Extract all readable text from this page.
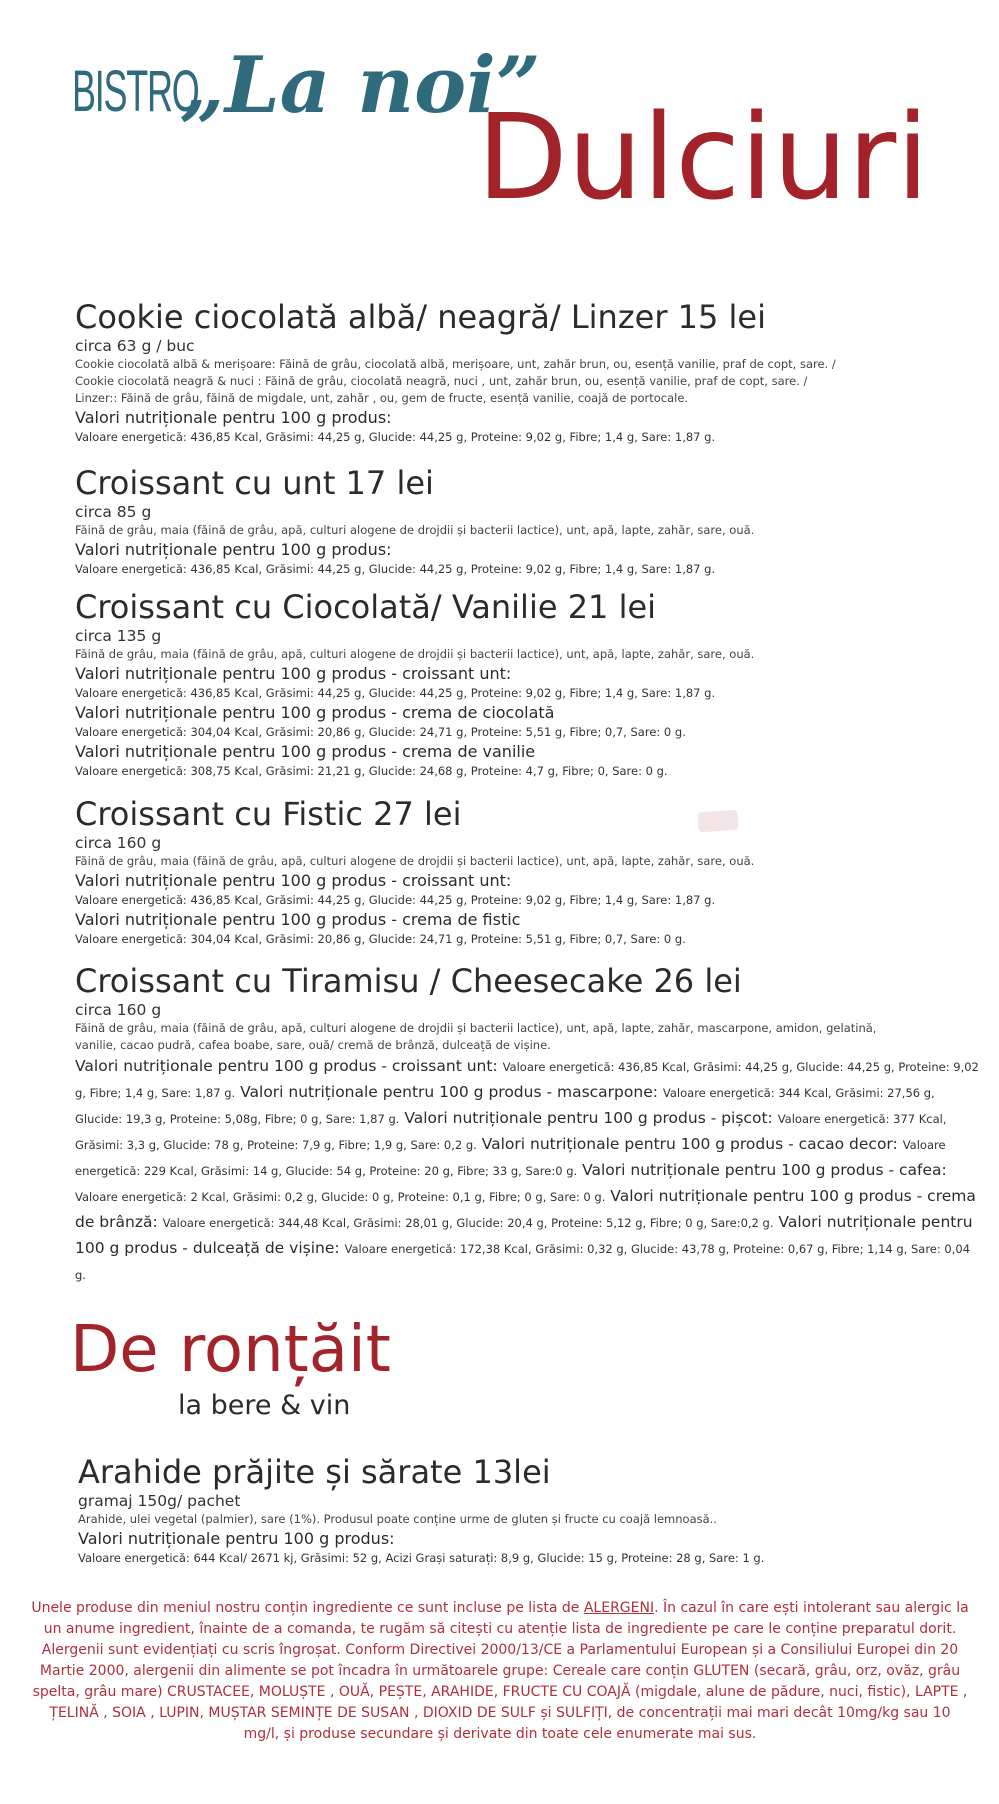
BISTRO
„La noi”
Dulciuri
Cookie ciocolată albă/ neagră/ Linzer 15 lei
circa 63 g / buc
Cookie ciocolată albă & merișoare: Făină de grâu, ciocolată albă, merișoare, unt, zahăr brun, ou, esență vanilie, praf de copt, sare. /
Cookie ciocolată neagră & nuci : Făină de grâu, ciocolată neagră, nuci , unt, zahăr brun, ou, esență vanilie, praf de copt, sare. /
Linzer:: Făină de grâu, făină de migdale, unt, zahăr , ou, gem de fructe, esență vanilie, coajă de portocale.
Valori nutriționale pentru 100 g produs:
Valoare energetică: 436,85 Kcal, Grăsimi: 44,25 g, Glucide: 44,25 g, Proteine: 9,02 g, Fibre; 1,4 g, Sare: 1,87 g.
Croissant cu unt 17 lei
circa 85 g
Făină de grâu, maia (făină de grâu, apă, culturi alogene de drojdii și bacterii lactice), unt, apă, lapte, zahăr, sare, ouă.
Valori nutriționale pentru 100 g produs:
Valoare energetică: 436,85 Kcal, Grăsimi: 44,25 g, Glucide: 44,25 g, Proteine: 9,02 g, Fibre; 1,4 g, Sare: 1,87 g.
Croissant cu Ciocolată/ Vanilie 21 lei
circa 135 g
Făină de grâu, maia (făină de grâu, apă, culturi alogene de drojdii și bacterii lactice), unt, apă, lapte, zahăr, sare, ouă.
Valori nutriționale pentru 100 g produs - croissant unt:
Valoare energetică: 436,85 Kcal, Grăsimi: 44,25 g, Glucide: 44,25 g, Proteine: 9,02 g, Fibre; 1,4 g, Sare: 1,87 g.
Valori nutriționale pentru 100 g produs - crema de ciocolată
Valoare energetică: 304,04 Kcal, Grăsimi: 20,86 g, Glucide: 24,71 g, Proteine: 5,51 g, Fibre; 0,7, Sare: 0 g.
Valori nutriționale pentru 100 g produs - crema de vanilie
Valoare energetică: 308,75 Kcal, Grăsimi: 21,21 g, Glucide: 24,68 g, Proteine: 4,7 g, Fibre; 0, Sare: 0 g.
Croissant cu Fistic 27 lei
circa 160 g
Făină de grâu, maia (făină de grâu, apă, culturi alogene de drojdii și bacterii lactice), unt, apă, lapte, zahăr, sare, ouă.
Valori nutriționale pentru 100 g produs - croissant unt:
Valoare energetică: 436,85 Kcal, Grăsimi: 44,25 g, Glucide: 44,25 g, Proteine: 9,02 g, Fibre; 1,4 g, Sare: 1,87 g.
Valori nutriționale pentru 100 g produs - crema de fistic
Valoare energetică: 304,04 Kcal, Grăsimi: 20,86 g, Glucide: 24,71 g, Proteine: 5,51 g, Fibre; 0,7, Sare: 0 g.
Croissant cu Tiramisu / Cheesecake 26 lei
circa 160 g
Făină de grâu, maia (făină de grâu, apă, culturi alogene de drojdii și bacterii lactice), unt, apă, lapte, zahăr, mascarpone, amidon, gelatină,
vanilie, cacao pudră, cafea boabe, sare, ouă/ cremă de brânză, dulceață de vișine.
Valori nutriționale pentru 100 g produs - croissant unt: Valoare energetică: 436,85 Kcal, Grăsimi: 44,25 g, Glucide: 44,25 g, Proteine: 9,02 g, Fibre; 1,4 g, Sare: 1,87 g. Valori nutriționale pentru 100 g produs - mascarpone: Valoare energetică: 344 Kcal, Grăsimi: 27,56 g, Glucide: 19,3 g, Proteine: 5,08g, Fibre; 0 g, Sare: 1,87 g. Valori nutriționale pentru 100 g produs - pișcot: Valoare energetică: 377 Kcal, Grăsimi: 3,3 g, Glucide: 78 g, Proteine: 7,9 g, Fibre; 1,9 g, Sare: 0,2 g. Valori nutriționale pentru 100 g produs - cacao decor: Valoare energetică: 229 Kcal, Grăsimi: 14 g, Glucide: 54 g, Proteine: 20 g, Fibre; 33 g, Sare:0 g. Valori nutriționale pentru 100 g produs - cafea: Valoare energetică: 2 Kcal, Grăsimi: 0,2 g, Glucide: 0 g, Proteine: 0,1 g, Fibre; 0 g, Sare: 0 g. Valori nutriționale pentru 100 g produs - crema de brânză: Valoare energetică: 344,48 Kcal, Grăsimi: 28,01 g, Glucide: 20,4 g, Proteine: 5,12 g, Fibre; 0 g, Sare:0,2 g. Valori nutriționale pentru 100 g produs - dulceață de vișine: Valoare energetică: 172,38 Kcal, Grăsimi: 0,32 g, Glucide: 43,78 g, Proteine: 0,67 g, Fibre; 1,14 g, Sare: 0,04 g.
De ronțăit
la bere & vin
Arahide prăjite și sărate 13lei
gramaj 150g/ pachet
Arahide, ulei vegetal (palmier), sare (1%). Produsul poate conține urme de gluten și fructe cu coajă lemnoasă..
Valori nutriționale pentru 100 g produs:
Valoare energetică: 644 Kcal/ 2671 kj, Grăsimi: 52 g, Acizi Grași saturați: 8,9 g, Glucide: 15 g, Proteine: 28 g, Sare: 1 g.
Unele produse din meniul nostru conțin ingrediente ce sunt incluse pe lista de ALERGENI. În cazul în care ești intolerant sau alergic la un anume ingredient, înainte de a comanda, te rugăm să citești cu atenție lista de ingrediente pe care le conține preparatul dorit. Alergenii sunt evidențiați cu scris îngroșat. Conform Directivei 2000/13/CE a Parlamentului European și a Consiliului Europei din 20 Martie 2000, alergenii din alimente se pot încadra în următoarele grupe: Cereale care conțin GLUTEN (secară, grâu, orz, ovăz, grâu spelta, grâu mare) CRUSTACEE, MOLUȘTE , OUĂ, PEȘTE, ARAHIDE, FRUCTE CU COAJĂ (migdale, alune de pădure, nuci, fistic), LAPTE , ȚELINĂ , SOIA , LUPIN, MUȘTAR SEMINȚE DE SUSAN , DIOXID DE SULF și SULFIȚI, de concentrații mai mari decât 10mg/kg sau 10 mg/l, și produse secundare și derivate din toate cele enumerate mai sus.
